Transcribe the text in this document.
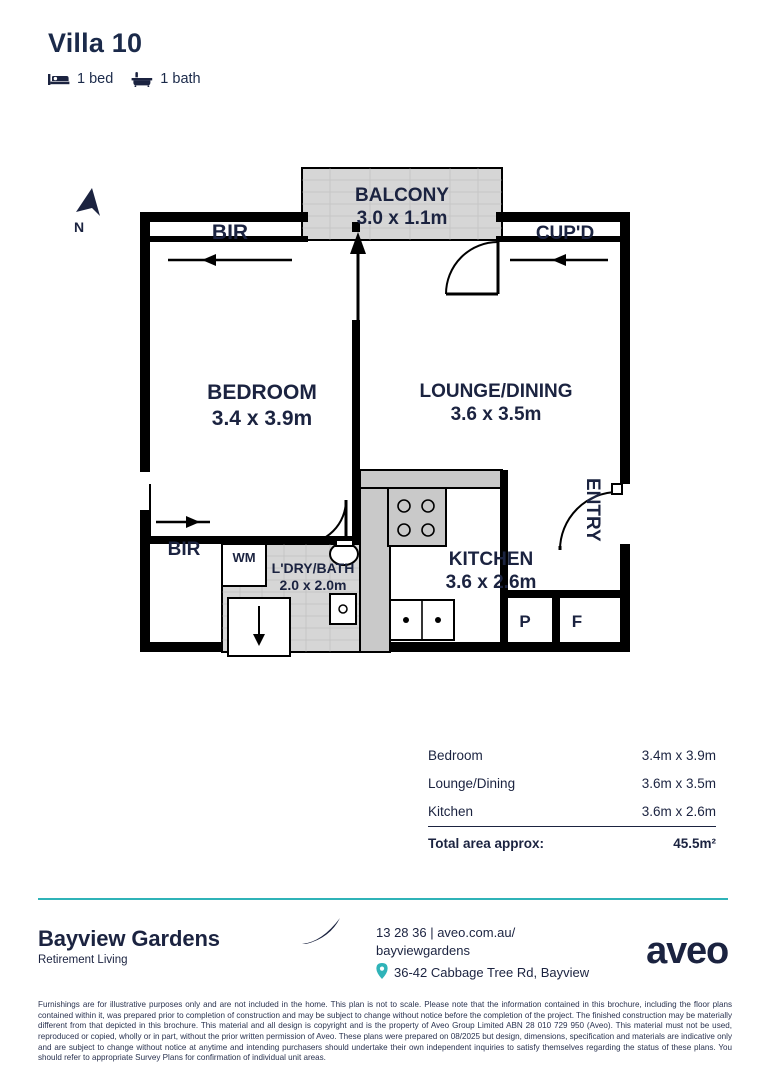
Villa 10
1 bed	1 bath
N
BALCONY
3.0 x 1.1m
BIR	CUP'D
BEDROOM
3.4 x 3.9m
LOUNGE/DINING
3.6 x 3.5m
BIR	WM
L'DRY/BATH
2.0 x 2.0m
KITCHEN
3.6 x 2.6m
P	F
ENTRY
Bedroom	3.4m x 3.9m
Lounge/Dining	3.6m x 3.5m
Kitchen	3.6m x 2.6m
Total area approx:	45.5m²
Bayview Gardens
Retirement Living
13 28 36 | aveo.com.au/
bayviewgardens
36-42 Cabbage Tree Rd, Bayview
aveo
Furnishings are for illustrative purposes only and are not included in the home. This plan is not to scale. Please note that the information contained in this brochure, including the floor plans contained within it, was prepared prior to completion of construction and may be subject to change without notice before the completion of the project. The finished construction may be materially different from that depicted in this brochure. This material and all design is copyright and is the property of Aveo Group Limited ABN 28 010 729 950 (Aveo). This material must not be used, reproduced or copied, wholly or in part, without the prior written permission of Aveo. These plans were prepared on 08/2025 but design, dimensions, specification and materials are indicative only and are subject to change without notice at anytime and intending purchasers should undertake their own independent inquiries to satisfy themselves regarding the status of these plans. You should refer to appropriate Survey Plans for confirmation of individual unit areas.
